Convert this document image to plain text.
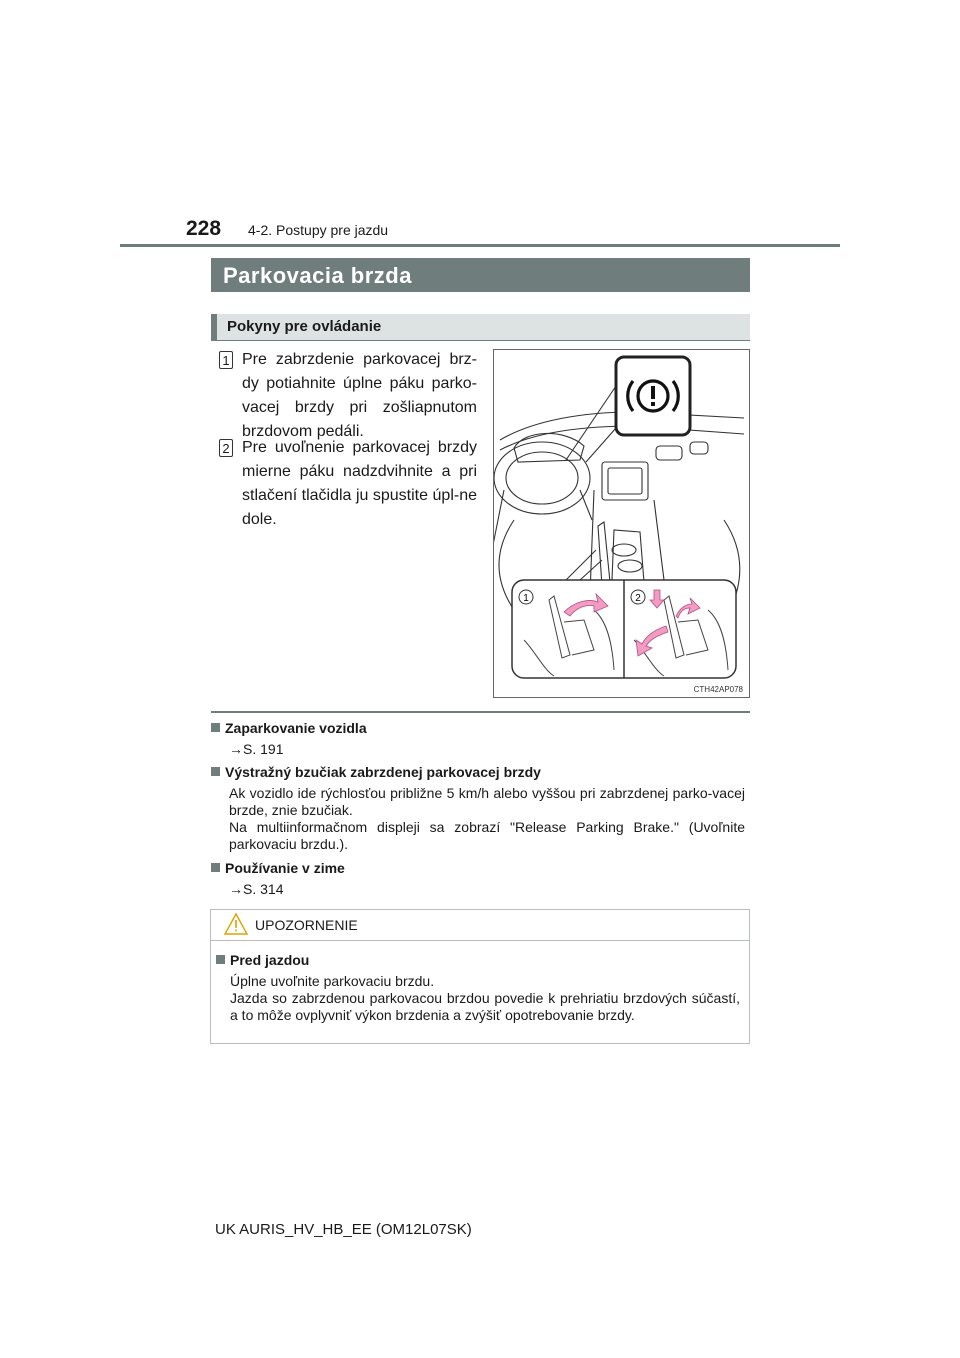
228 4-2. Postupy pre jazdu
Parkovacia brzda
Pokyny pre ovládanie
1 Pre zabrzdenie parkovacej brz-dy potiahnite úplne páku parko-vacej brzdy pri zošliapnutom brzdovom pedáli.
2 Pre uvoľnenie parkovacej brzdy mierne páku nadzdvihnite a pri stlačení tlačidla ju spustite úpl-ne dole.
1	2
CTH42AP078
Zaparkovanie vozidla
→S. 191
Výstražný bzučiak zabrzdenej parkovacej brzdy
Ak vozidlo ide rýchlosťou približne 5 km/h alebo vyššou pri zabrzdenej parko-vacej brzde, znie bzučiak.
Na multiinformačnom displeji sa zobrazí "Release Parking Brake." (Uvoľnite parkovaciu brzdu.).
Používanie v zime
→S. 314
UPOZORNENIE
Pred jazdou
Úplne uvoľnite parkovaciu brzdu.
Jazda so zabrzdenou parkovacou brzdou povedie k prehriatiu brzdových súčastí, a to môže ovplyvniť výkon brzdenia a zvýšiť opotrebovanie brzdy.
UK AURIS_HV_HB_EE (OM12L07SK)
